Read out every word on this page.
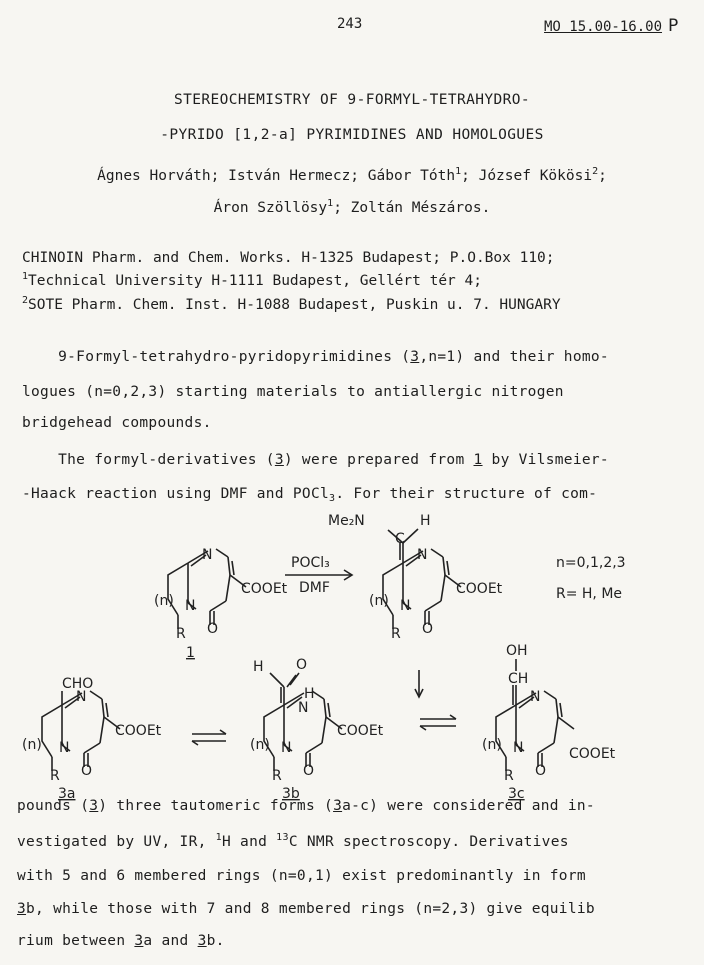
243	MO 15.00-16.00 P
STEREOCHEMISTRY OF 9-FORMYL-TETRAHYDRO-
-PYRIDO [1,2-a] PYRIMIDINES AND HOMOLOGUES
Ágnes Horváth; István Hermecz; Gábor Tóth$^1$; József Kökösi$^2$;
Áron Szöllösy$^1$; Zoltán Mészáros.
CHINOIN Pharm. and Chem. Works. H-1325 Budapest; P.O.Box 110;
$^1$Technical University H-1111 Budapest, Gellért tér 4;
$^2$SOTE Pharm. Chem. Inst. H-1088 Budapest, Puskin u. 7. HUNGARY
9-Formyl-tetrahydro-pyridopyrimidines (3,n=1) and their homo-
logues (n=0,2,3) starting materials to antiallergic nitrogen
bridgehead compounds.
The formyl-derivatives (3) were prepared from 1 by Vilsmeier-
-Haack reaction using DMF and POCl$_3$. For their structure of com-
N
N
O
(n)
R
COOEt
1
POCl₃
DMF
Me₂N
C
H
N
N
O
(n)
R
COOEt
n=0,1,2,3
R= H, Me
CHO
N
N
O
(n)
R
COOEt
3a
H O
H
N
N
O
(n)
R
COOEt
3b
OH
CH
N
N
O
(n)
R
COOEt
3c
pounds (3) three tautomeric forms (3a-c) were considered and in-
vestigated by UV, IR, $^1$H and $^{13}$C NMR spectroscopy. Derivatives
with 5 and 6 membered rings (n=0,1) exist predominantly in form
3b, while those with 7 and 8 membered rings (n=2,3) give equilib
rium between 3a and 3b.
